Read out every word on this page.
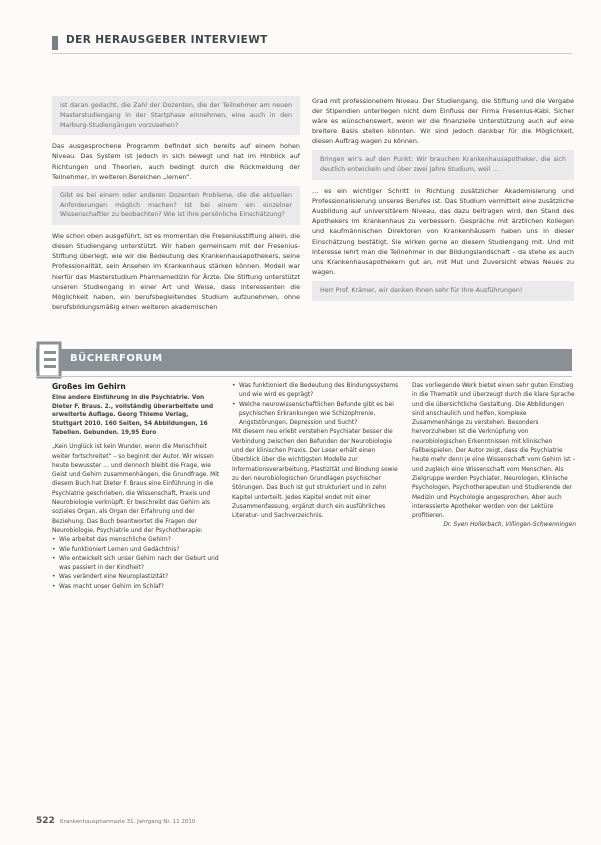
DER HERAUSGEBER INTERVIEWT
ist daran gedacht, die Zahl der Dozenten, die der Teilnehmer am neuen Masterstudiengang in der Startphase einnehmen, eine auch in den Marburg-Studiengängen vorzusehen?

Das ausgesprochene Programm befindet sich bereits auf einem hohen Niveau. Das System ist jedoch in sich bewegt und hat im Hinblick auf Richtungen und Theorien, auch bedingt durch die Rückmeldung der Teilnehmer, in weiteren Bereichen „lernen“.

Gibt es bei einem oder anderen Dozenten Probleme, die die aktuellen Anforderungen möglich machen? Ist bei einem ein einzelner Wissenschaftler zu beobachten? Wie ist ihre persönliche Einschätzung?

Wie schon oben ausgeführt, ist es momentan die Freseniusstiftung allein, die diesen Studiengang unterstützt. Wir haben gemeinsam mit der Fresenius-Stiftung überlegt, wie wir die Bedeutung des Krankenhausapothekers, seine Professionalität, sein Ansehen im Krankenhaus stärken können. Modell war hierfür das Masterstudium Pharmamedizin für Ärzte. Die Stiftung unterstützt unseren Studiengang in einer Art und Weise, dass Interessenten die Möglichkeit haben, ein berufsbegleitendes Studium aufzunehmen, ohne berufsbildungsmäßig einen weiteren akademischen

Grad mit professionellem Niveau. Der Studiengang, die Stiftung und die Vergabe der Stipendien unterliegen nicht dem Einfluss der Firma Fresenius-Kabi. Sicher wäre es wünschenswert, wenn wir die finanzielle Unterstützung auch auf eine breitere Basis stellen könnten. Wir sind jedoch dankbar für die Möglichkeit, diesen Auftrag wagen zu können.

Bringen wir's auf den Punkt: Wir brauchen Krankenhausapotheker, die sich deutlich entwickeln und über zwei Jahre Studium, weil …

… es ein wichtiger Schritt in Richtung zusätzlicher Akademisierung und Professionalisierung unseres Berufes ist. Das Studium vermittelt eine zusätzliche Ausbildung auf universitärem Niveau, das dazu beitragen wird, den Stand des Apothekers im Krankenhaus zu verbessern. Gespräche mit ärztlichen Kollegen und kaufmännischen Direktoren von Krankenhäusern haben uns in dieser Einschätzung bestätigt. Sie wirken gerne an diesem Studiengang mit. Und mit Interesse lehrt man die Teilnehmer in der Bildungslandschaft – da stehe es auch uns Krankenhausapothekern gut an, mit Mut und Zuversicht etwas Neues zu wagen.

Herr Prof. Krämer, wir danken Ihnen sehr für Ihre Ausführungen!
BÜCHERFORUM
Großes im Gehirn
Eine andere Einführung in die Psychiatrie. Von Dieter F. Braus. 2., vollständig überarbeitete und erweiterte Auflage. Georg Thieme Verlag, Stuttgart 2010. 160 Seiten, 54 Abbildungen, 16 Tabellen. Gebunden. 19,95 Euro

„Kein Unglück ist kein Wunder, wenn die Menschheit weiter fortschreitet“ – so beginnt der Autor. Wir wissen heute bewusster … und dennoch bleibt die Frage, wie Geist und Gehirn zusammenhängen, die Grundfrage. Mit diesem Buch hat Dieter F. Braus eine Einführung in die Psychiatrie geschrieben, die Wissenschaft, Praxis und Neurobiologie verknüpft. Er beschreibt das Gehirn als soziales Organ, als Organ der Erfahrung und der Beziehung. Das Buch beantwortet die Fragen der Neurobiologie, Psychiatrie und der Psychotherapie:

• Wie arbeitet das menschliche Gehirn?
• Wie funktioniert Lernen und Gedächtnis?
• Wie entwickelt sich unser Gehirn nach der Geburt und was passiert in der Kindheit?
• Was verändert eine Neuroplastizität?
• Was macht unser Gehirn im Schlaf?
• Was funktioniert die Bedeutung des Bindungssystems und wie wird es geprägt?
• Welche neurowissenschaftlichen Befunde gibt es bei psychischen Erkrankungen wie Schizophrenie, Angststörungen, Depression und Sucht?

Mit diesem neu erlebt verstehen Psychiater besser die Verbindung zwischen den Befunden der Neurobiologie und der klinischen Praxis. Der Leser erhält einen Überblick über die wichtigsten Modelle zur Informationsverarbeitung, Plastizität und Bindung sowie zu den neurobiologischen Grundlagen psychischer Störungen. Das Buch ist gut strukturiert und in zehn Kapitel unterteilt. Jedes Kapitel endet mit einer Zusammenfassung, ergänzt durch ein ausführliches Literatur- und Sachverzeichnis.

Das vorliegende Werk bietet einen sehr guten Einstieg in die Thematik und überzeugt durch die klare Sprache und die übersichtliche Gestaltung. Die Abbildungen sind anschaulich und helfen, komplexe Zusammenhänge zu verstehen. Besonders hervorzuheben ist die Verknüpfung von neurobiologischen Erkenntnissen mit klinischen Fallbeispielen. Der Autor zeigt, dass die Psychiatrie heute mehr denn je eine Wissenschaft vom Gehirn ist – und zugleich eine Wissenschaft vom Menschen. Als Zielgruppe werden Psychiater, Neurologen, Klinische Psychologen, Psychotherapeuten und Studierende der Medizin und Psychologie angesprochen. Aber auch interessierte Apotheker werden von der Lektüre profitieren.

Dr. Sven Hollerbach, Villingen-Schwenningen

522 Krankenhauspharmazie 31. Jahrgang Nr. 11 2010
